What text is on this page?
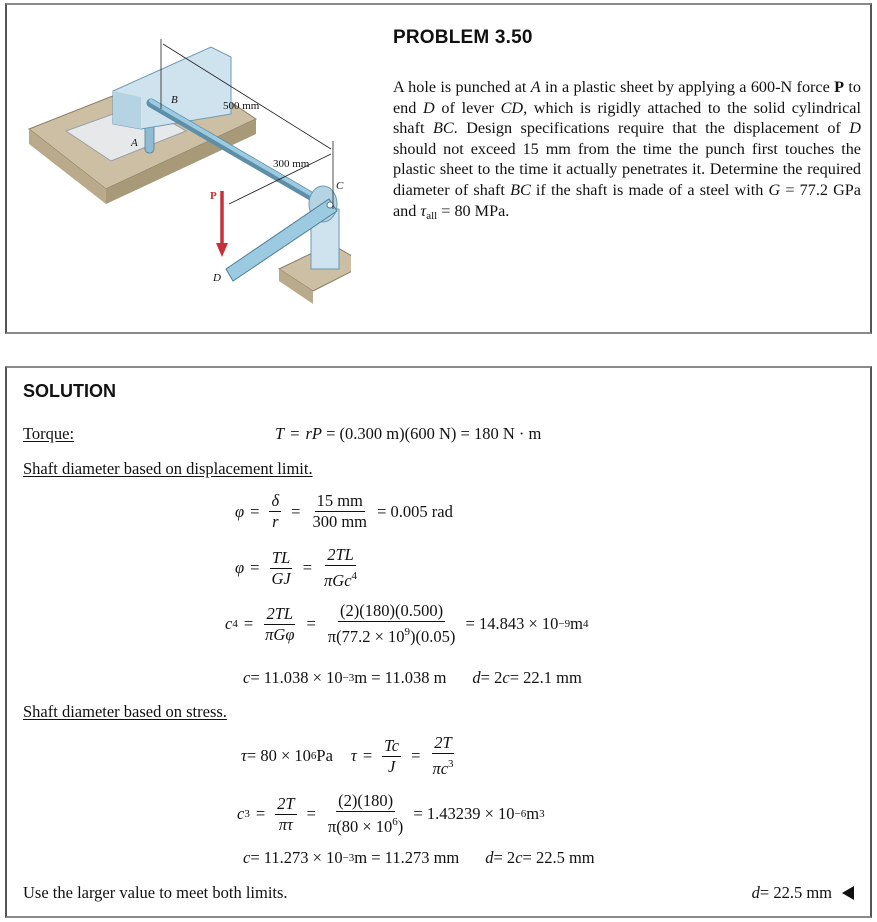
500 mm
300 mm
B
A
C
D
P
PROBLEM 3.50
A hole is punched at A in a plastic sheet by applying a 600-N force P to end D of lever CD, which is rigidly attached to the solid cylindrical shaft BC. Design specifications require that the displacement of D should not exceed 15 mm from the time the punch first touches the plastic sheet to the time it actually penetrates it. Determine the required diameter of shaft BC if the shaft is made of a steel with G = 77.2 GPa and $\tau_{all} = 80$ MPa.
SOLUTION
Torque:	T = rP
= (0.300 m)(600 N) = 180 N · m
Shaft diameter based on displacement limit.
$\varphi = \frac{\delta}{r} = \frac{15 mm}{300 mm}$
= 0.005 rad
$\varphi = \frac{TL}{GJ} = \frac{2TL}{\pi Gc^4}$
c $4 = \frac{2TL}{\text{πGφ}} = \frac{(2)(180)(0.500)}{\pi(77.2 \times 10^9)(0.05)}$
= 14.843 × 10 −9 m 4
c = 11.038 × 10 −3 m = 11.038 m d = 2 c = 22.1 mm
Shaft diameter based on stress.
τ = 80 × 10 6 Pa $\tau = \frac{Tc}{J} = \frac{2T}{\pi c^3}$
c $3 = \frac{2T}{\pi\tau} = \frac{(2)(180)}{\pi(80 \times 10^6)}$
= 1.43239 × 10 −6 m 3
c = 11.273 × 10 −3 m = 11.273 mm d = 2 c = 22.5 mm
Use the larger value to meet both limits.	d = 22.5 mm
